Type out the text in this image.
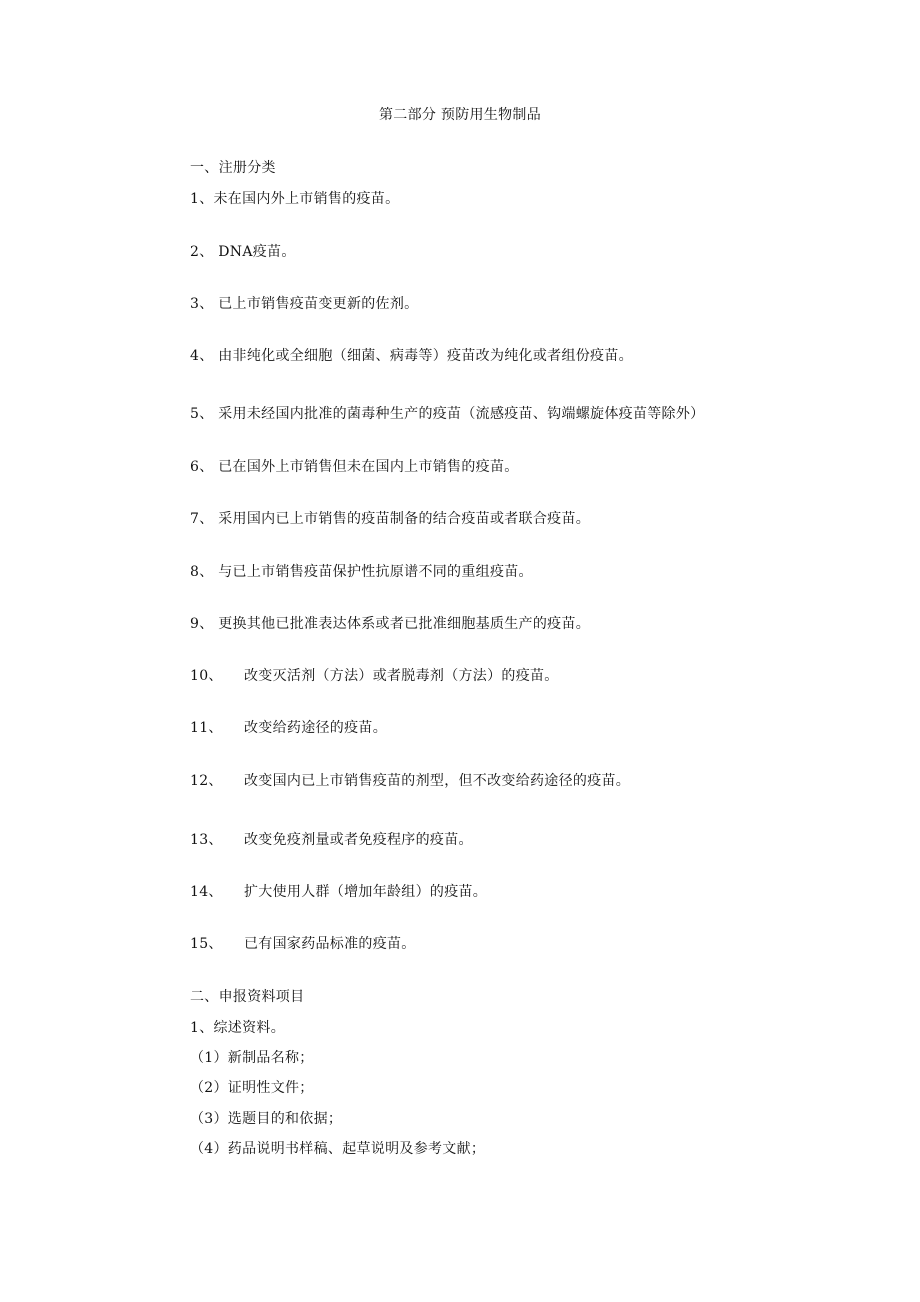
第二部分 预防用生物制品
一、注册分类
1、未在国内外上市销售的疫苗。
2、 DNA疫苗。
3、 已上市销售疫苗变更新的佐剂。
4、 由非纯化或全细胞（细菌、病毒等）疫苗改为纯化或者组份疫苗。
5、 采用未经国内批准的菌毒种生产的疫苗（流感疫苗、钩端螺旋体疫苗等除外）
6、 已在国外上市销售但未在国内上市销售的疫苗。
7、 采用国内已上市销售的疫苗制备的结合疫苗或者联合疫苗。
8、 与已上市销售疫苗保护性抗原谱不同的重组疫苗。
9、 更换其他已批准表达体系或者已批准细胞基质生产的疫苗。
10、 改变灭活剂（方法）或者脱毒剂（方法）的疫苗。
11、 改变给药途径的疫苗。
12、 改变国内已上市销售疫苗的剂型，但不改变给药途径的疫苗。
13、 改变免疫剂量或者免疫程序的疫苗。
14、 扩大使用人群（增加年龄组）的疫苗。
15、 已有国家药品标准的疫苗。
二、申报资料项目
1、综述资料。
（1）新制品名称；
（2）证明性文件；
（3）选题目的和依据；
（4）药品说明书样稿、起草说明及参考文献；
